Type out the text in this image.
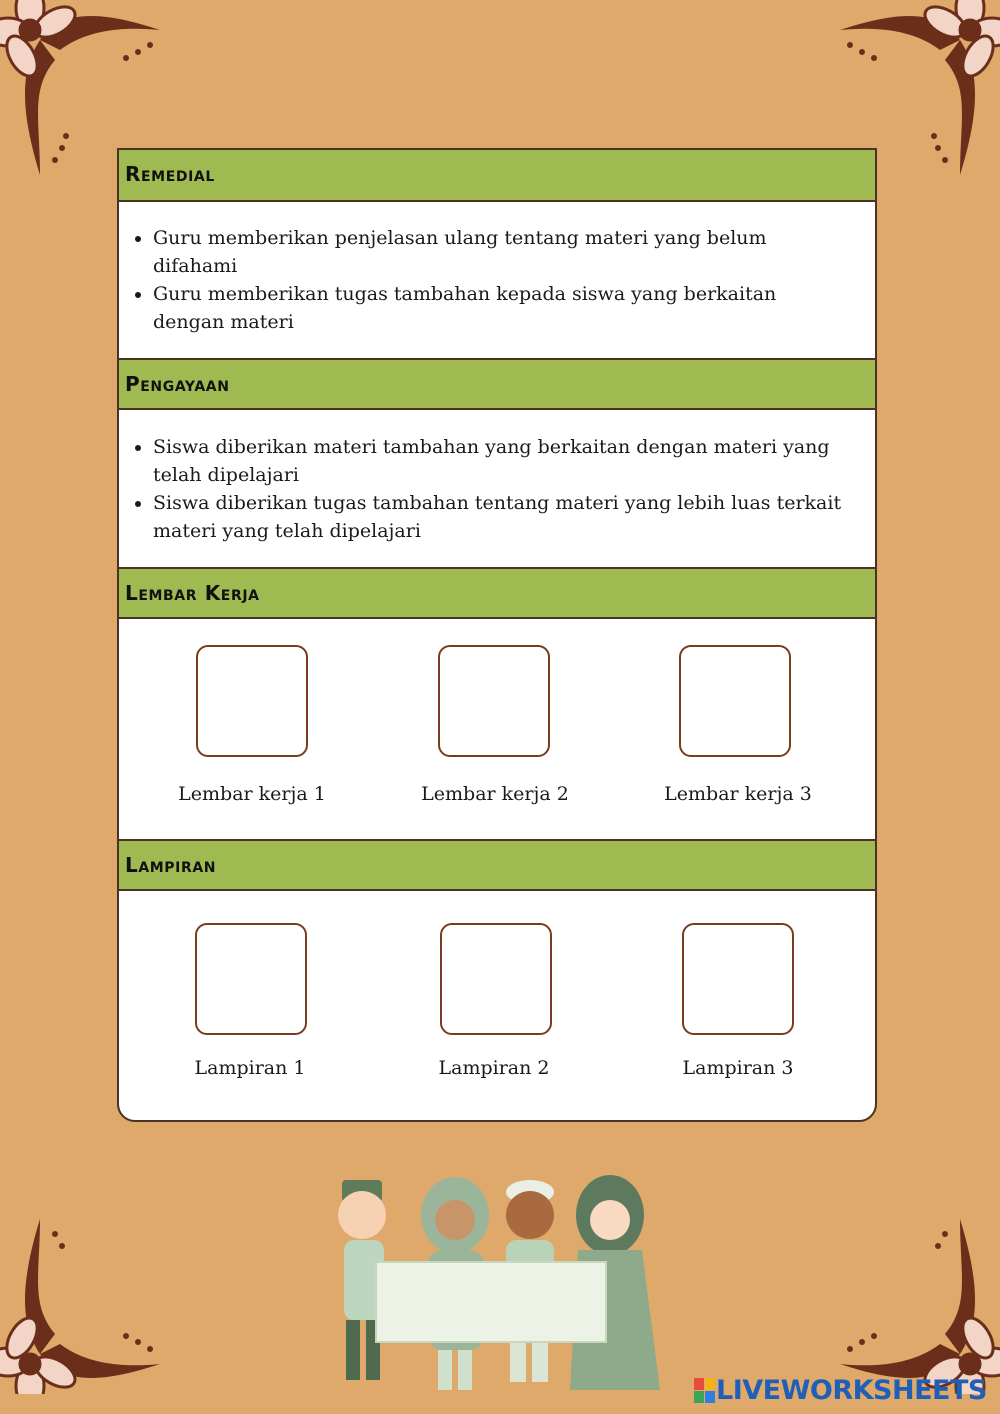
Remedial
• Guru memberikan penjelasan ulang tentang materi yang belum difahami
• Guru memberikan tugas tambahan kepada siswa yang berkaitan dengan materi
Pengayaan
• Siswa diberikan materi tambahan yang berkaitan dengan materi yang telah dipelajari
• Siswa diberikan tugas tambahan tentang materi yang lebih luas terkait materi yang telah dipelajari
Lembar Kerja
Lembar kerja 1	Lembar kerja 2	Lembar kerja 3
Lampiran
Lampiran 1	Lampiran 2	Lampiran 3
LIVEWORKSHEETS
